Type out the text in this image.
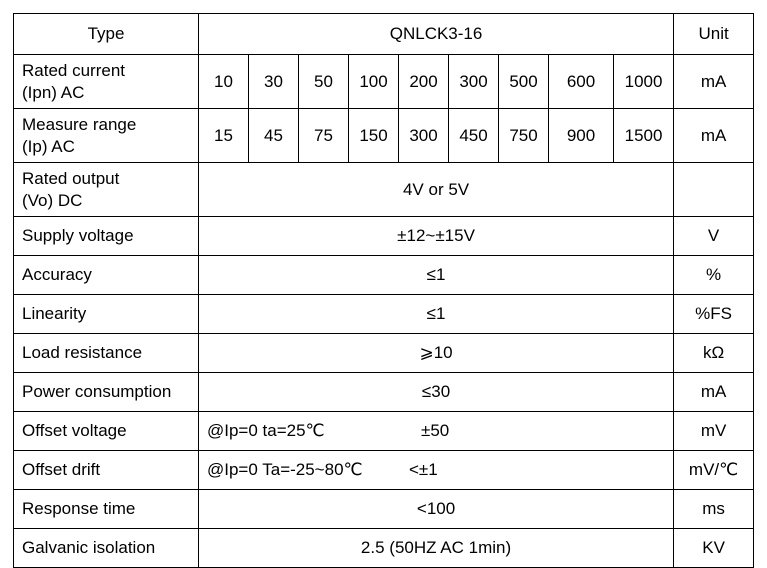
Type	QNLCK3-16									Unit
Rated current
(Ipn) AC	10	30	50	100	200	300	500	600	1000	mA
Measure range
(Ip) AC	15	45	75	150	300	450	750	900	1500	mA
Rated output
(Vo) DC	4V or 5V									
Supply voltage	±12~±15V									V
Accuracy	≤1									%
Linearity	≤1									%FS
Load resistance	⩾10									kΩ
Power consumption	≤30									mA
Offset voltage	@Ip=0 ta=25℃ ±50									mV
Offset drift	@Ip=0 Ta=-25~80℃ <±1									mV/℃
Response time	<100									ms
Galvanic isolation	2.5 (50HZ AC 1min)									KV
